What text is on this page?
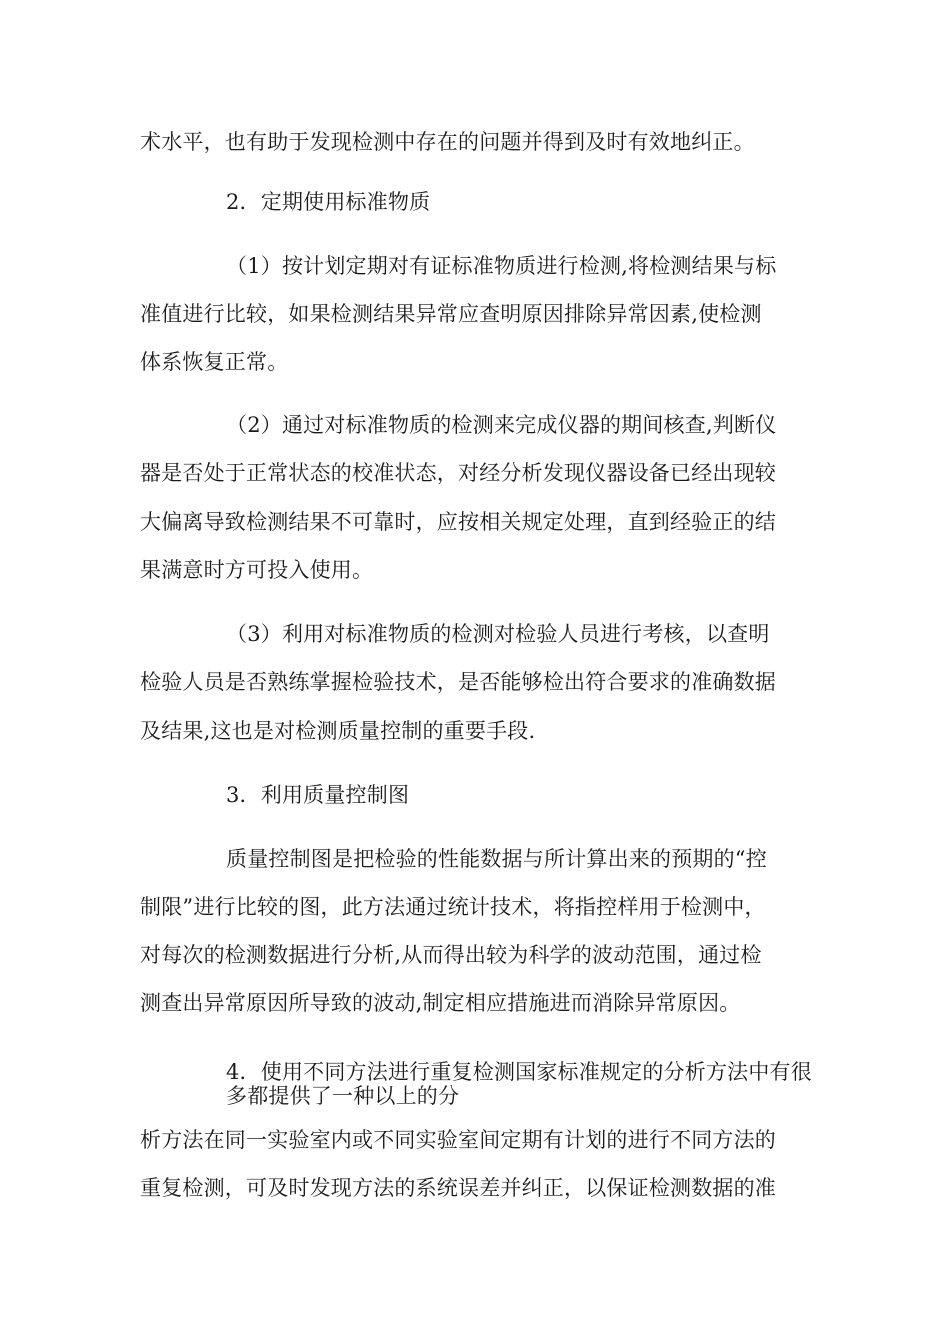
术水平，也有助于发现检测中存在的问题并得到及时有效地纠正。
2．定期使用标准物质
（1）按计划定期对有证标准物质进行检测,将检测结果与标
准值进行比较，如果检测结果异常应查明原因排除异常因素,使检测
体系恢复正常。
（2）通过对标准物质的检测来完成仪器的期间核查,判断仪
器是否处于正常状态的校准状态，对经分析发现仪器设备已经出现较
大偏离导致检测结果不可靠时，应按相关规定处理，直到经验正的结
果满意时方可投入使用。
（3）利用对标准物质的检测对检验人员进行考核，以查明
检验人员是否熟练掌握检验技术，是否能够检出符合要求的准确数据
及结果,这也是对检测质量控制的重要手段.
3．利用质量控制图
质量控制图是把检验的性能数据与所计算出来的预期的“控
制限”进行比较的图，此方法通过统计技术，将指控样用于检测中，
对每次的检测数据进行分析,从而得出较为科学的波动范围，通过检
测查出异常原因所导致的波动,制定相应措施进而消除异常原因。
4．使用不同方法进行重复检测国家标准规定的分析方法中有很多都提供了一种以上的分
析方法在同一实验室内或不同实验室间定期有计划的进行不同方法的
重复检测，可及时发现方法的系统误差并纠正，以保证检测数据的准
